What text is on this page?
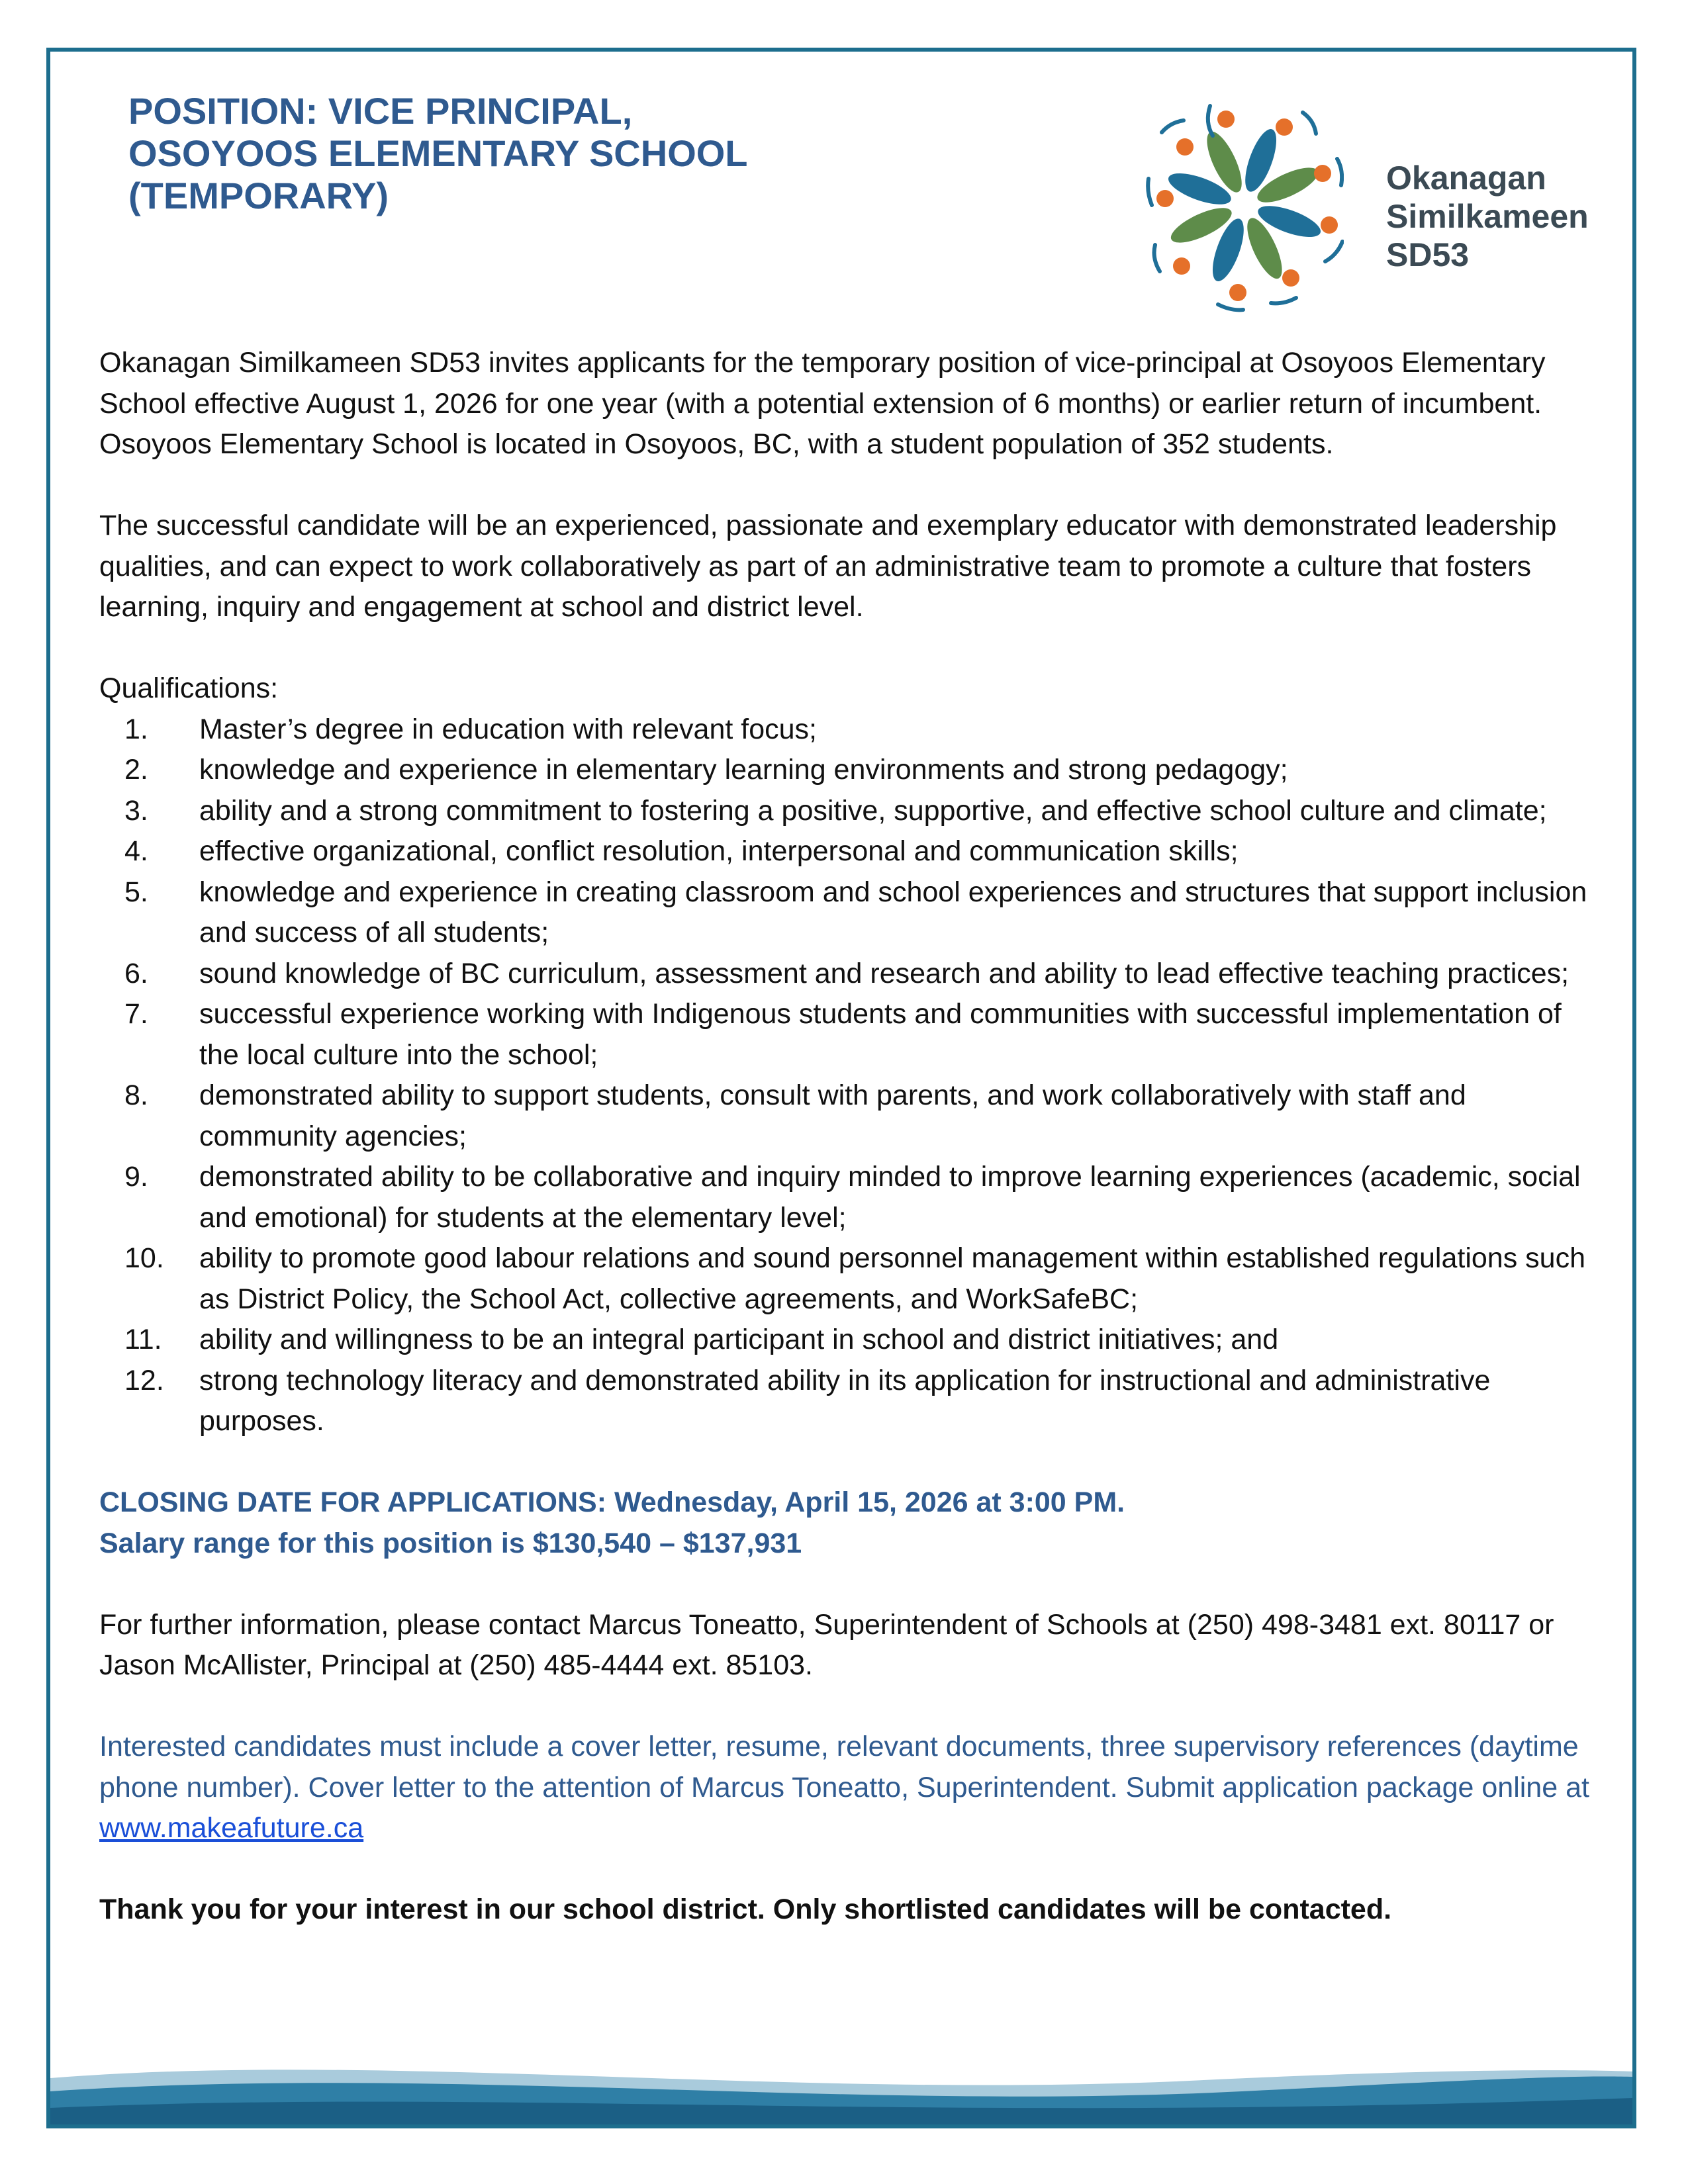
POSITION: VICE PRINCIPAL,
OSOYOOS ELEMENTARY SCHOOL
(TEMPORARY)	Okanagan
Similkameen
SD53

Okanagan Similkameen SD53 invites applicants for the temporary position of vice-principal at Osoyoos Elementary School effective August 1, 2026 for one year (with a potential extension of 6 months) or earlier return of incumbent. Osoyoos Elementary School is located in Osoyoos, BC, with a student population of 352 students.

The successful candidate will be an experienced, passionate and exemplary educator with demonstrated leadership qualities, and can expect to work collaboratively as part of an administrative team to promote a culture that fosters learning, inquiry and engagement at school and district level.

Qualifications:

1. Master’s degree in education with relevant focus;
2. knowledge and experience in elementary learning environments and strong pedagogy;
3. ability and a strong commitment to fostering a positive, supportive, and effective school culture and climate;
4. effective organizational, conflict resolution, interpersonal and communication skills;
5. knowledge and experience in creating classroom and school experiences and structures that support inclusion and success of all students;
6. sound knowledge of BC curriculum, assessment and research and ability to lead effective teaching practices;
7. successful experience working with Indigenous students and communities with successful implementation of the local culture into the school;
8. demonstrated ability to support students, consult with parents, and work collaboratively with staff and community agencies;
9. demonstrated ability to be collaborative and inquiry minded to improve learning experiences (academic, social and emotional) for students at the elementary level;
10. ability to promote good labour relations and sound personnel management within established regulations such as District Policy, the School Act, collective agreements, and WorkSafeBC;
11. ability and willingness to be an integral participant in school and district initiatives; and
12. strong technology literacy and demonstrated ability in its application for instructional and administrative purposes.

CLOSING DATE FOR APPLICATIONS: Wednesday, April 15, 2026 at 3:00 PM.

Salary range for this position is $130,540 – $137,931

For further information, please contact Marcus Toneatto, Superintendent of Schools at (250) 498-3481 ext. 80117 or Jason McAllister, Principal at (250) 485-4444 ext. 85103.

Interested candidates must include a cover letter, resume, relevant documents, three supervisory references (daytime phone number). Cover letter to the attention of Marcus Toneatto, Superintendent. Submit application package online at www.makeafuture.ca

Thank you for your interest in our school district. Only shortlisted candidates will be contacted.
